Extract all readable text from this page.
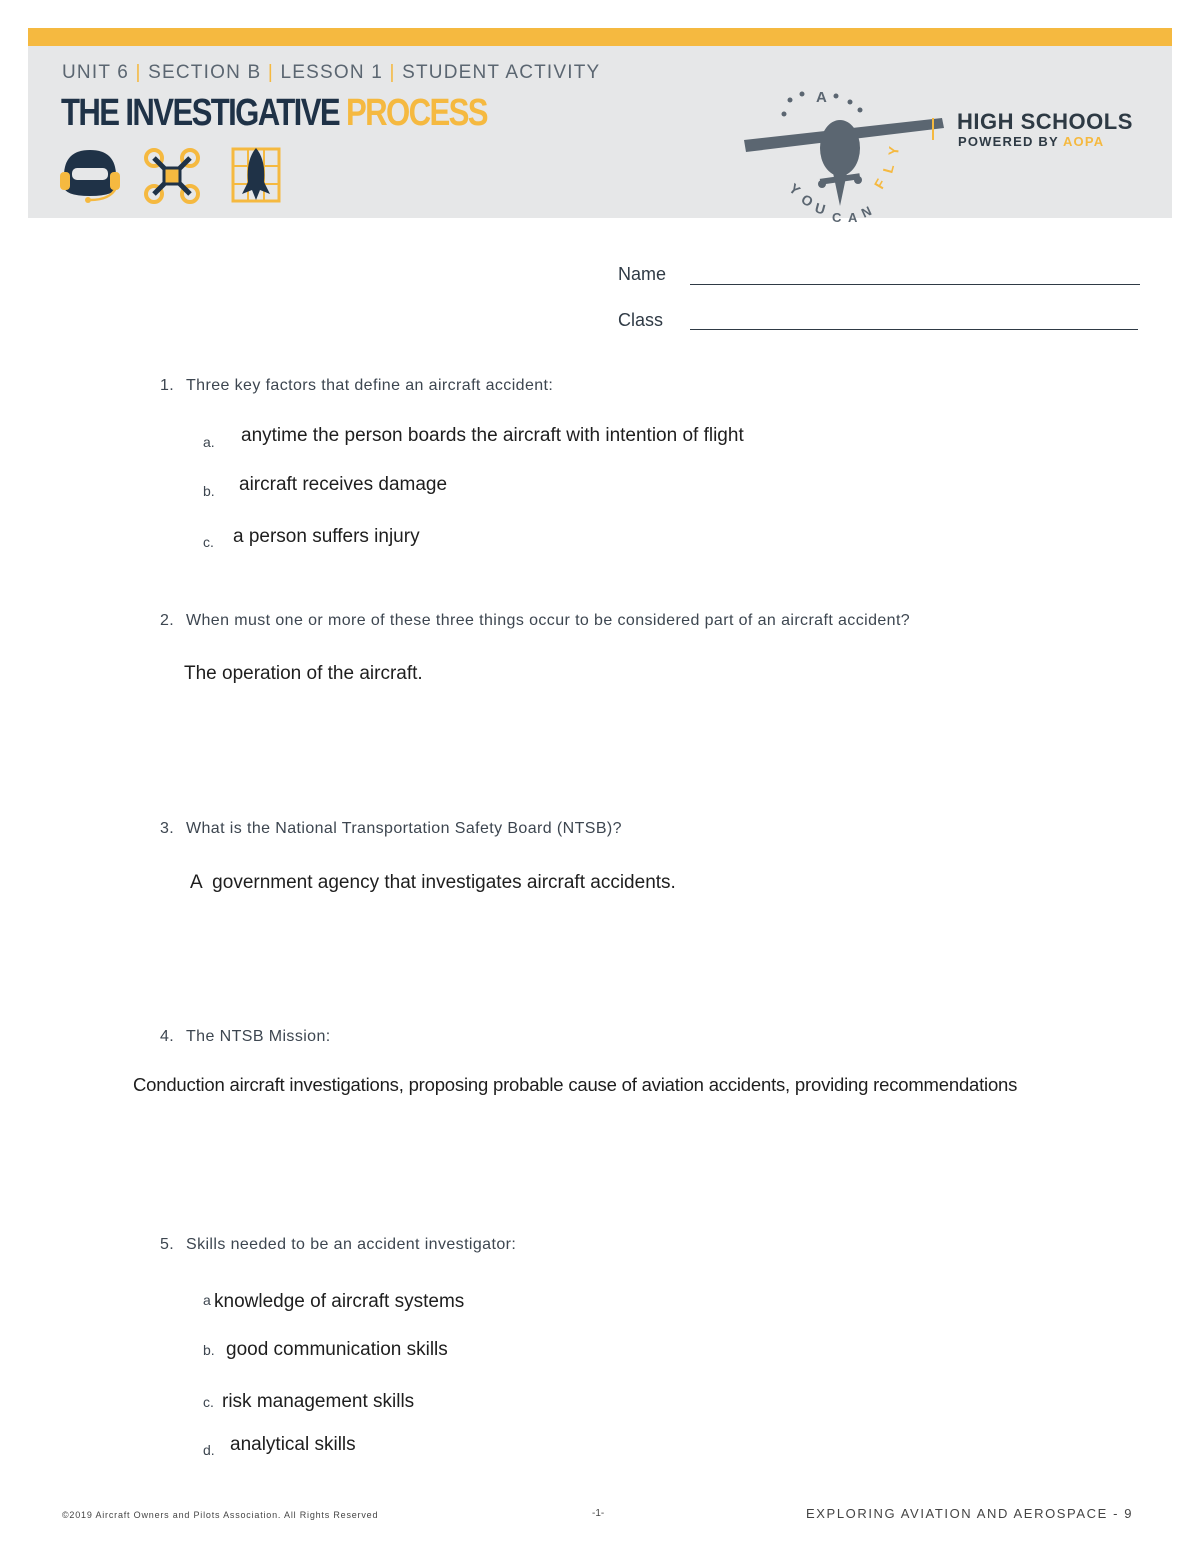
UNIT 6 | SECTION B | LESSON 1 | STUDENT ACTIVITY
THE INVESTIGATIVE PROCESS	A
Y
O
U C A N
F
L
Y
HIGH SCHOOLS
POWERED BY AOPA
Name
Class
1. Three key factors that define an aircraft accident:
a. anytime the person boards the aircraft with intention of flight
b. aircraft receives damage
c. a person suffers injury
2. When must one or more of these three things occur to be considered part of an aircraft accident?
The operation of the aircraft.
3. What is the National Transportation Safety Board (NTSB)?
A  government agency that investigates aircraft accidents.
4. The NTSB Mission:
Conduction aircraft investigations, proposing probable cause of aviation accidents, providing recommendations
5. Skills needed to be an accident investigator:
a knowledge of aircraft systems
b. good communication skills
c. risk management skills
d. analytical skills
©2019 Aircraft Owners and Pilots Association. All Rights Reserved	-1-	EXPLORING AVIATION AND AEROSPACE - 9
